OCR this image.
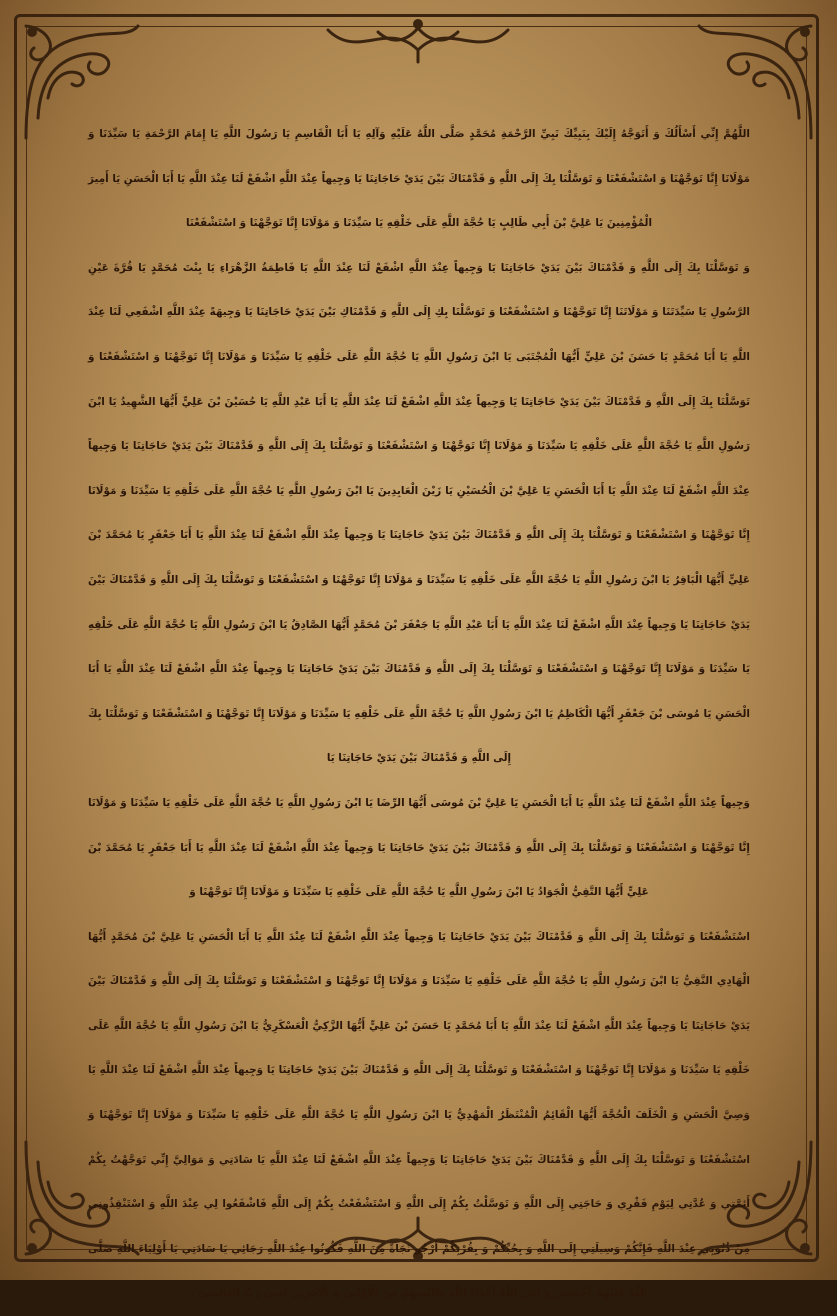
اللَّهُمَّ إِنِّي أَسْأَلُكَ وَ أَتَوَجَّهُ إِلَيْكَ بِنَبِيِّكَ نَبِيِّ الرَّحْمَةِ مُحَمَّدٍ صَلَّى اللَّهُ عَلَيْهِ وَآلِهِ يَا أَبَا الْقَاسِمِ يَا رَسُولَ اللَّهِ يَا إِمَامَ الرَّحْمَةِ يَا سَيِّدَنَا وَ مَوْلَانَا إِنَّا تَوَجَّهْنَا وَ اسْتَشْفَعْنَا وَ تَوَسَّلْنَا بِكَ إِلَى اللَّهِ وَ قَدَّمْنَاكَ بَيْنَ يَدَيْ حَاجَاتِنَا يَا وَجِيهاً عِنْدَ اللَّهِ اشْفَعْ لَنَا عِنْدَ اللَّهِ يَا أَبَا الْحَسَنِ يَا أَمِيرَ الْمُؤْمِنِينَ يَا عَلِيَّ بْنَ أَبِي طَالِبٍ يَا حُجَّةَ اللَّهِ عَلَى خَلْقِهِ يَا سَيِّدَنَا وَ مَوْلَانَا إِنَّا تَوَجَّهْنَا وَ اسْتَشْفَعْنَا

وَ تَوَسَّلْنَا بِكَ إِلَى اللَّهِ وَ قَدَّمْنَاكَ بَيْنَ يَدَيْ حَاجَاتِنَا يَا وَجِيهاً عِنْدَ اللَّهِ اشْفَعْ لَنَا عِنْدَ اللَّهِ يَا فَاطِمَةُ الزَّهْرَاءِ يَا بِنْتَ مُحَمَّدٍ يَا قُرَّةَ عَيْنِ الرَّسُولِ يَا سَيِّدَتَنَا وَ مَوْلَاتَنَا إِنَّا تَوَجَّهْنَا وَ اسْتَشْفَعْنَا وَ تَوَسَّلْنَا بِكِ إِلَى اللَّهِ وَ قَدَّمْنَاكِ بَيْنَ يَدَيْ حَاجَاتِنَا يَا وَجِيهَةً عِنْدَ اللَّهِ اشْفَعِي لَنَا عِنْدَ اللَّهِ يَا أَبَا مُحَمَّدٍ يَا حَسَنَ بْنَ عَلِيٍّ أَيُّهَا الْمُجْتَبَى يَا ابْنَ رَسُولِ اللَّهِ يَا حُجَّةَ اللَّهِ عَلَى خَلْقِهِ يَا سَيِّدَنَا وَ مَوْلَانَا إِنَّا تَوَجَّهْنَا وَ اسْتَشْفَعْنَا وَ تَوَسَّلْنَا بِكَ إِلَى اللَّهِ وَ قَدَّمْنَاكَ بَيْنَ يَدَيْ حَاجَاتِنَا يَا وَجِيهاً عِنْدَ اللَّهِ اشْفَعْ لَنَا عِنْدَ اللَّهِ يَا أَبَا عَبْدِ اللَّهِ يَا حُسَيْنَ بْنَ عَلِيٍّ أَيُّهَا الشَّهِيدُ يَا ابْنَ رَسُولِ اللَّهِ يَا حُجَّةَ اللَّهِ عَلَى خَلْقِهِ يَا سَيِّدَنَا وَ مَوْلَانَا إِنَّا تَوَجَّهْنَا وَ اسْتَشْفَعْنَا وَ تَوَسَّلْنَا بِكَ إِلَى اللَّهِ وَ قَدَّمْنَاكَ بَيْنَ يَدَيْ حَاجَاتِنَا يَا وَجِيهاً عِنْدَ اللَّهِ اشْفَعْ لَنَا عِنْدَ اللَّهِ يَا أَبَا الْحَسَنِ يَا عَلِيَّ بْنَ الْحُسَيْنِ يَا زَيْنَ الْعَابِدِينَ يَا ابْنَ رَسُولِ اللَّهِ يَا حُجَّةَ اللَّهِ عَلَى خَلْقِهِ يَا سَيِّدَنَا وَ مَوْلَانَا إِنَّا تَوَجَّهْنَا وَ اسْتَشْفَعْنَا وَ تَوَسَّلْنَا بِكَ إِلَى اللَّهِ وَ قَدَّمْنَاكَ بَيْنَ يَدَيْ حَاجَاتِنَا يَا وَجِيهاً عِنْدَ اللَّهِ اشْفَعْ لَنَا عِنْدَ اللَّهِ يَا أَبَا جَعْفَرٍ يَا مُحَمَّدَ بْنَ عَلِيٍّ أَيُّهَا الْبَاقِرُ يَا ابْنَ رَسُولِ اللَّهِ يَا حُجَّةَ اللَّهِ عَلَى خَلْقِهِ يَا سَيِّدَنَا وَ مَوْلَانَا إِنَّا تَوَجَّهْنَا وَ اسْتَشْفَعْنَا وَ تَوَسَّلْنَا بِكَ إِلَى اللَّهِ وَ قَدَّمْنَاكَ بَيْنَ يَدَيْ حَاجَاتِنَا يَا وَجِيهاً عِنْدَ اللَّهِ اشْفَعْ لَنَا عِنْدَ اللَّهِ يَا أَبَا عَبْدِ اللَّهِ يَا جَعْفَرَ بْنَ مُحَمَّدٍ أَيُّهَا الصَّادِقُ يَا ابْنَ رَسُولِ اللَّهِ يَا حُجَّةَ اللَّهِ عَلَى خَلْقِهِ يَا سَيِّدَنَا وَ مَوْلَانَا إِنَّا تَوَجَّهْنَا وَ اسْتَشْفَعْنَا وَ تَوَسَّلْنَا بِكَ إِلَى اللَّهِ وَ قَدَّمْنَاكَ بَيْنَ يَدَيْ حَاجَاتِنَا يَا وَجِيهاً عِنْدَ اللَّهِ اشْفَعْ لَنَا عِنْدَ اللَّهِ يَا أَبَا الْحَسَنِ يَا مُوسَى بْنَ جَعْفَرٍ أَيُّهَا الْكَاظِمُ يَا ابْنَ رَسُولِ اللَّهِ يَا حُجَّةَ اللَّهِ عَلَى خَلْقِهِ يَا سَيِّدَنَا وَ مَوْلَانَا إِنَّا تَوَجَّهْنَا وَ اسْتَشْفَعْنَا وَ تَوَسَّلْنَا بِكَ إِلَى اللَّهِ وَ قَدَّمْنَاكَ بَيْنَ يَدَيْ حَاجَاتِنَا يَا

وَجِيهاً عِنْدَ اللَّهِ اشْفَعْ لَنَا عِنْدَ اللَّهِ يَا أَبَا الْحَسَنِ يَا عَلِيَّ بْنَ مُوسَى أَيُّهَا الرِّضَا يَا ابْنَ رَسُولِ اللَّهِ يَا حُجَّةَ اللَّهِ عَلَى خَلْقِهِ يَا سَيِّدَنَا وَ مَوْلَانَا إِنَّا تَوَجَّهْنَا وَ اسْتَشْفَعْنَا وَ تَوَسَّلْنَا بِكَ إِلَى اللَّهِ وَ قَدَّمْنَاكَ بَيْنَ يَدَيْ حَاجَاتِنَا يَا وَجِيهاً عِنْدَ اللَّهِ اشْفَعْ لَنَا عِنْدَ اللَّهِ يَا أَبَا جَعْفَرٍ يَا مُحَمَّدَ بْنَ عَلِيٍّ أَيُّهَا التَّقِيُّ الْجَوَادُ يَا ابْنَ رَسُولِ اللَّهِ يَا حُجَّةَ اللَّهِ عَلَى خَلْقِهِ يَا سَيِّدَنَا وَ مَوْلَانَا إِنَّا تَوَجَّهْنَا وَ

اسْتَشْفَعْنَا وَ تَوَسَّلْنَا بِكَ إِلَى اللَّهِ وَ قَدَّمْنَاكَ بَيْنَ يَدَيْ حَاجَاتِنَا يَا وَجِيهاً عِنْدَ اللَّهِ اشْفَعْ لَنَا عِنْدَ اللَّهِ يَا أَبَا الْحَسَنِ يَا عَلِيَّ بْنَ مُحَمَّدٍ أَيُّهَا الْهَادِي النَّقِيُّ يَا ابْنَ رَسُولِ اللَّهِ يَا حُجَّةَ اللَّهِ عَلَى خَلْقِهِ يَا سَيِّدَنَا وَ مَوْلَانَا إِنَّا تَوَجَّهْنَا وَ اسْتَشْفَعْنَا وَ تَوَسَّلْنَا بِكَ إِلَى اللَّهِ وَ قَدَّمْنَاكَ بَيْنَ يَدَيْ حَاجَاتِنَا يَا وَجِيهاً عِنْدَ اللَّهِ اشْفَعْ لَنَا عِنْدَ اللَّهِ يَا أَبَا مُحَمَّدٍ يَا حَسَنَ بْنَ عَلِيٍّ أَيُّهَا الزَّكِيُّ الْعَسْكَرِيُّ يَا ابْنَ رَسُولِ اللَّهِ يَا حُجَّةَ اللَّهِ عَلَى خَلْقِهِ يَا سَيِّدَنَا وَ مَوْلَانَا إِنَّا تَوَجَّهْنَا وَ اسْتَشْفَعْنَا وَ تَوَسَّلْنَا بِكَ إِلَى اللَّهِ وَ قَدَّمْنَاكَ بَيْنَ يَدَيْ حَاجَاتِنَا يَا وَجِيهاً عِنْدَ اللَّهِ اشْفَعْ لَنَا عِنْدَ اللَّهِ يَا وَصِيَّ الْحَسَنِ وَ الْخَلَفَ الْحُجَّةَ أَيُّهَا الْقَائِمُ الْمُنْتَظَرُ الْمَهْدِيُّ يَا ابْنَ رَسُولِ اللَّهِ يَا حُجَّةَ اللَّهِ عَلَى خَلْقِهِ يَا سَيِّدَنَا وَ مَوْلَانَا إِنَّا تَوَجَّهْنَا وَ اسْتَشْفَعْنَا وَ تَوَسَّلْنَا بِكَ إِلَى اللَّهِ وَ قَدَّمْنَاكَ بَيْنَ يَدَيْ حَاجَاتِنَا يَا وَجِيهاً عِنْدَ اللَّهِ اشْفَعْ لَنَا عِنْدَ اللَّهِ يَا سَادَتِي وَ مَوَالِيَّ إِنِّي تَوَجَّهْتُ بِكُمْ أَئِمَّتِي وَ عُدَّتِي لِيَوْمِ فَقْرِي وَ حَاجَتِي إِلَى اللَّهِ وَ تَوَسَّلْتُ بِكُمْ إِلَى اللَّهِ وَ اسْتَشْفَعْتُ بِكُمْ إِلَى اللَّهِ فَاشْفَعُوا لِي عِنْدَ اللَّهِ وَ اسْتَنْقِذُونِي مِنْ ذُنُوبِي عِنْدَ اللَّهِ فَإِنَّكُمْ وَسِيلَتِي إِلَى اللَّهِ وَ بِحُبِّكُمْ وَ بِقُرْبِكُمْ أَرْجُو نَجَاةً مِنَ اللَّهِ فَكُونُوا عِنْدَ اللَّهِ رَجَائِي يَا سَادَتِي يَا أَوْلِيَاءَ اللَّهِ صَلَّى اللَّهُ عَلَيْهِمْ أَجْمَعِينَ وَ لَعَنَ اللَّهُ أَعْدَاءَ اللَّهِ ظَالِمِيهِمْ مِنَ الْأَوَّلِينَ وَ الْآخِرِينَ آمِينَ رَبَّ الْعَالَمِينَ .
